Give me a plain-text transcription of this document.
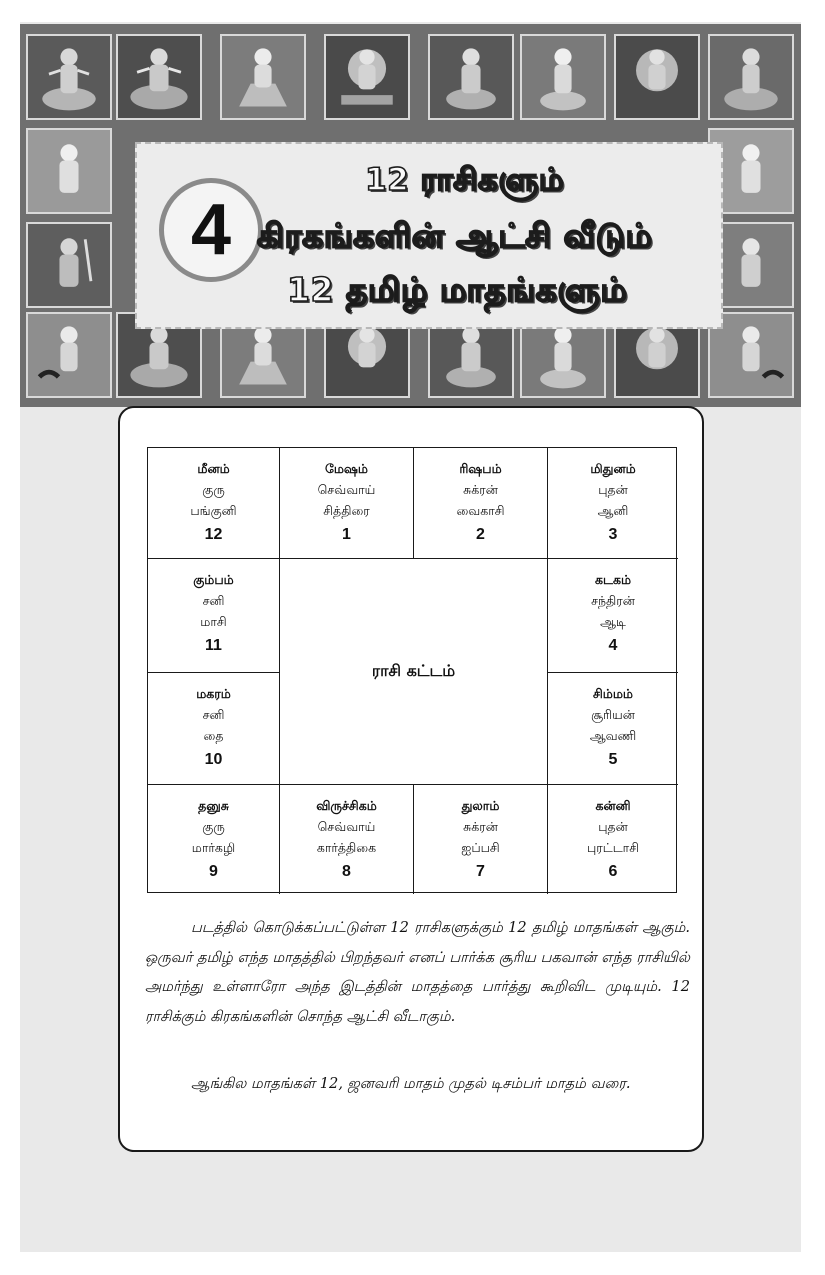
4
12 ராசிகளும்
கிரகங்களின் ஆட்சி வீடும்
12 தமிழ் மாதங்களும்
மீனம்
குரு
பங்குனி
12
மேஷம்
செவ்வாய்
சித்திரை
1
ரிஷபம்
சுக்ரன்
வைகாசி
2
மிதுனம்
புதன்
ஆனி
3
கும்பம்
சனி
மாசி
11
ராசி கட்டம்
கடகம்
சந்திரன்
ஆடி
4
மகரம்
சனி
தை
10
சிம்மம்
சூரியன்
ஆவணி
5
தனுசு
குரு
மார்கழி
9
விருச்சிகம்
செவ்வாய்
கார்த்திகை
8
துலாம்
சுக்ரன்
ஐப்பசி
7
கன்னி
புதன்
புரட்டாசி
6

படத்தில் கொடுக்கப்பட்டுள்ள 12 ராசிகளுக்கும் 12 தமிழ் மாதங்கள் ஆகும். ஒருவர் தமிழ் எந்த மாதத்தில் பிறந்தவர் எனப் பார்க்க சூரிய பகவான் எந்த ராசியில் அமர்ந்து உள்ளாரோ அந்த இடத்தின் மாதத்தை பார்த்து கூறிவிட முடியும். 12 ராசிக்கும் கிரகங்களின் சொந்த ஆட்சி வீடாகும்.

ஆங்கில மாதங்கள் 12, ஜனவரி மாதம் முதல் டிசம்பர் மாதம் வரை.
